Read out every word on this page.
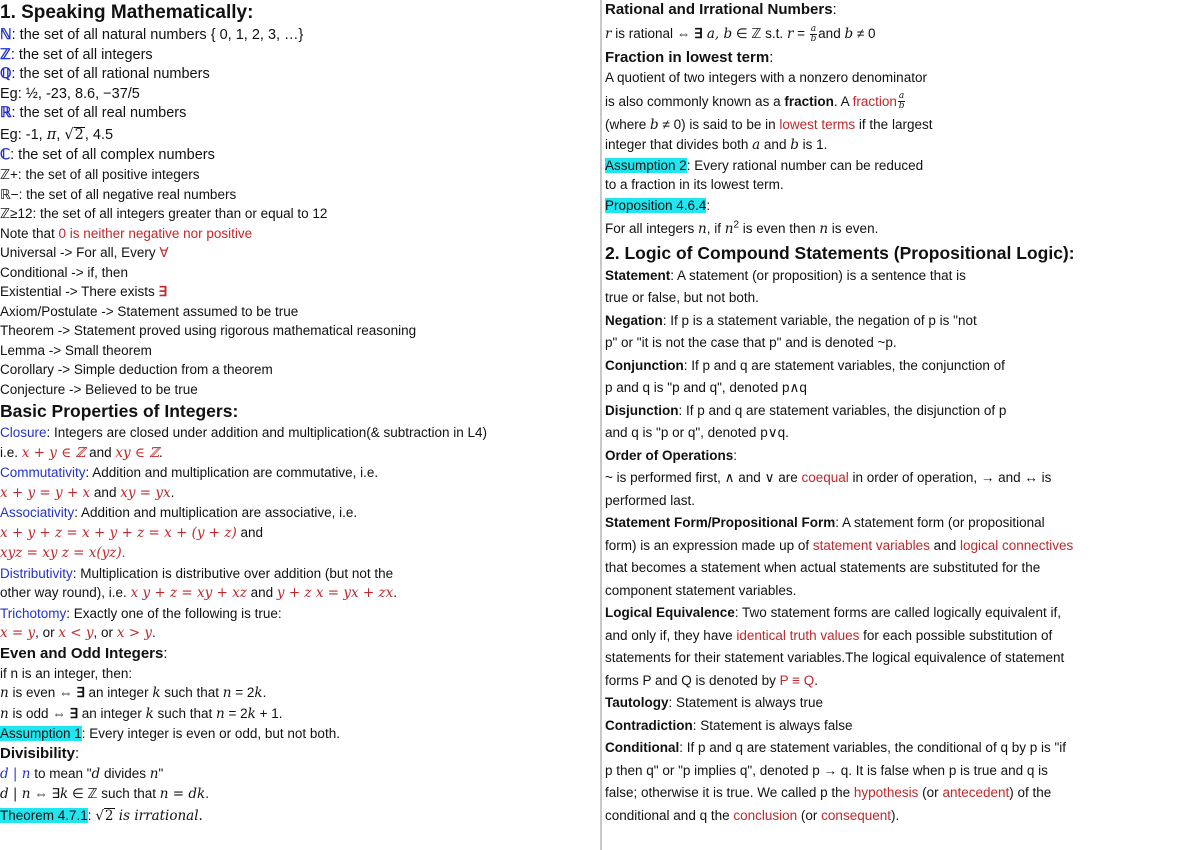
1. Speaking Mathematically:
ℕ: the set of all natural numbers { 0, 1, 2, 3, …}
ℤ: the set of all integers
ℚ: the set of all rational numbers
Eg: ½, -23, 8.6, −37/5
ℝ: the set of all real numbers
Eg: -1, π, √2, 4.5
ℂ: the set of all complex numbers
ℤ+: the set of all positive integers
ℝ−: the set of all negative real numbers
ℤ≥12: the set of all integers greater than or equal to 12
Note that 0 is neither negative nor positive
Universal -> For all, Every ∀
Conditional -> if, then
Existential -> There exists ∃
Axiom/Postulate -> Statement assumed to be true
Theorem -> Statement proved using rigorous mathematical reasoning
Lemma -> Small theorem
Corollary -> Simple deduction from a theorem
Conjecture -> Believed to be true
Basic Properties of Integers:
Closure: Integers are closed under addition and multiplication(& subtraction in L4)
i.e. x + y ∈ ℤ and xy ∈ ℤ.
Commutativity: Addition and multiplication are commutative, i.e.
x + y = y + x and xy = yx.
Associativity: Addition and multiplication are associative, i.e.
x + y + z = x + y + z = x + (y + z) and
xyz = xy z = x(yz).
Distributivity: Multiplication is distributive over addition (but not the
other way round), i.e. x y + z = xy + xz and y + z x = yx + zx.
Trichotomy: Exactly one of the following is true:
x = y, or x < y, or x > y.
Even and Odd Integers:
if n is an integer, then:
n is even ⇔ ∃ an integer k such that n = 2k.
n is odd ⇔ ∃ an integer k such that n = 2k + 1.
Assumption 1: Every integer is even or odd, but not both.
Divisibility:
d | n to mean "d divides n"
d | n ⇔ ∃k ∈ ℤ such that n = dk.
Theorem 4.7.1: √2 is irrational.
Rational and Irrational Numbers:
r is rational ⇔ ∃ a, b ∈ ℤ s.t. $r = \frac{a}{b}$ and b ≠ 0
Fraction in lowest term:
A quotient of two integers with a nonzero denominator
is also commonly known as a fraction. A fraction $\frac{a}{b}$
(where b ≠ 0) is said to be in lowest terms if the largest
integer that divides both a and b is 1.
Assumption 2: Every rational number can be reduced
to a fraction in its lowest term.
Proposition 4.6.4:
For all integers n, if $n^2$ is even then n is even.
2. Logic of Compound Statements (Propositional Logic):
Statement: A statement (or proposition) is a sentence that is
true or false, but not both.
Negation: If p is a statement variable, the negation of p is "not
p" or "it is not the case that p" and is denoted ~p.
Conjunction: If p and q are statement variables, the conjunction of
p and q is "p and q", denoted p∧q
Disjunction: If p and q are statement variables, the disjunction of p
and q is "p or q", denoted p∨q.
Order of Operations:
~ is performed first, ∧ and ∨ are coequal in order of operation, → and ↔ is
performed last.
Statement Form/Propositional Form: A statement form (or propositional
form) is an expression made up of statement variables and logical connectives
that becomes a statement when actual statements are substituted for the
component statement variables.
Logical Equivalence: Two statement forms are called logically equivalent if,
and only if, they have identical truth values for each possible substitution of
statements for their statement variables.The logical equivalence of statement
forms P and Q is denoted by P ≡ Q.
Tautology: Statement is always true
Contradiction: Statement is always false
Conditional: If p and q are statement variables, the conditional of q by p is "if
p then q" or "p implies q", denoted p → q. It is false when p is true and q is
false; otherwise it is true. We called p the hypothesis (or antecedent) of the
conditional and q the conclusion (or consequent).
